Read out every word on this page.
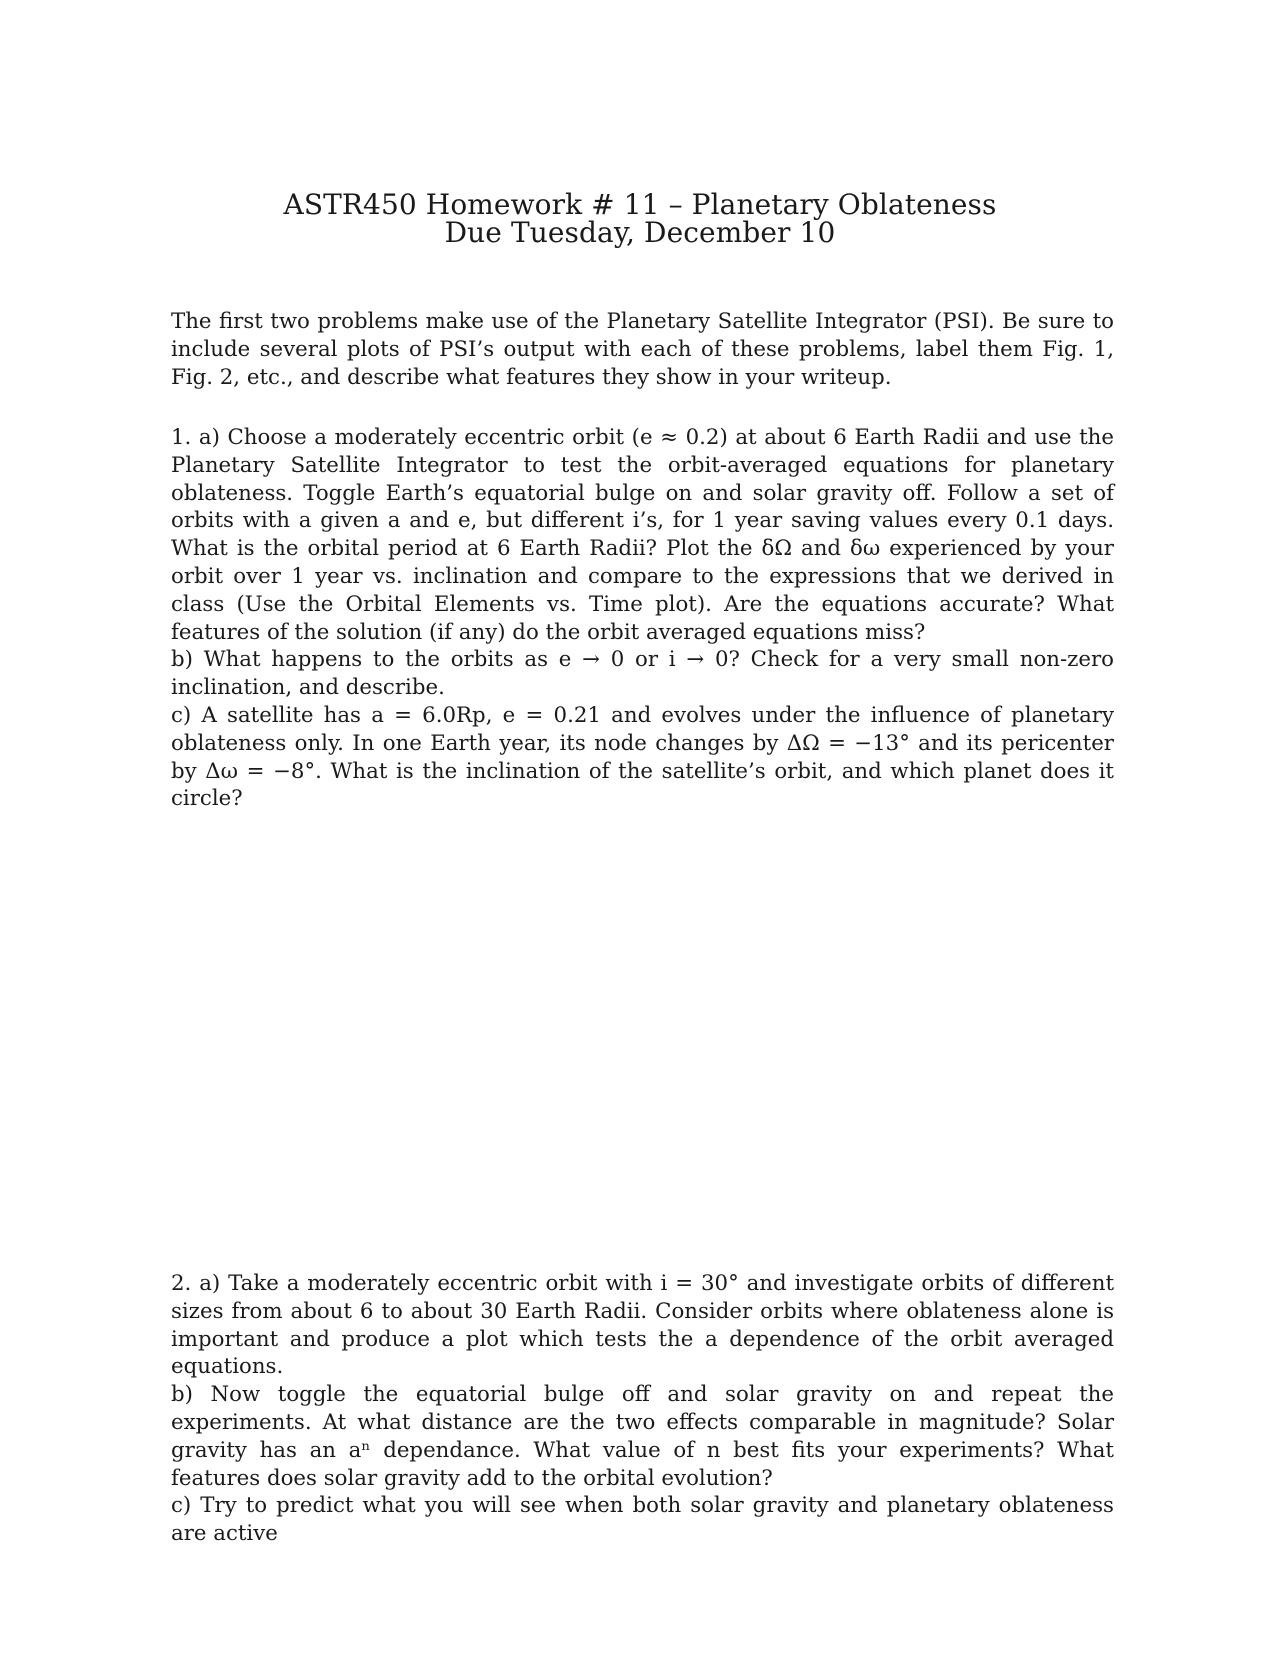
ASTR450 Homework # 11 – Planetary Oblateness
Due Tuesday, December 10

The first two problems make use of the Planetary Satellite Integrator (PSI). Be sure to include several plots of PSI’s output with each of these problems, label them Fig. 1, Fig. 2, etc., and describe what features they show in your writeup.

1. a) Choose a moderately eccentric orbit (e ≈ 0.2) at about 6 Earth Radii and use the Planetary Satellite Integrator to test the orbit-averaged equations for planetary oblateness. Toggle Earth’s equatorial bulge on and solar gravity off. Follow a set of orbits with a given a and e, but different i’s, for 1 year saving values every 0.1 days. What is the orbital period at 6 Earth Radii? Plot the δΩ and δω experienced by your orbit over 1 year vs. inclination and compare to the expressions that we derived in class (Use the Orbital Elements vs. Time plot). Are the equations accurate? What features of the solution (if any) do the orbit averaged equations miss?

b) What happens to the orbits as e → 0 or i → 0? Check for a very small non-zero inclination, and describe.

c) A satellite has a = 6.0Rp, e = 0.21 and evolves under the influence of planetary oblateness only. In one Earth year, its node changes by ΔΩ = −13° and its pericenter by Δω = −8°. What is the inclination of the satellite’s orbit, and which planet does it circle?

2. a) Take a moderately eccentric orbit with i = 30° and investigate orbits of different sizes from about 6 to about 30 Earth Radii. Consider orbits where oblateness alone is important and produce a plot which tests the a dependence of the orbit averaged equations.

b) Now toggle the equatorial bulge off and solar gravity on and repeat the experiments. At what distance are the two effects comparable in magnitude? Solar gravity has an aⁿ dependance. What value of n best fits your experiments? What features does solar gravity add to the orbital evolution?

c) Try to predict what you will see when both solar gravity and planetary oblateness are active
